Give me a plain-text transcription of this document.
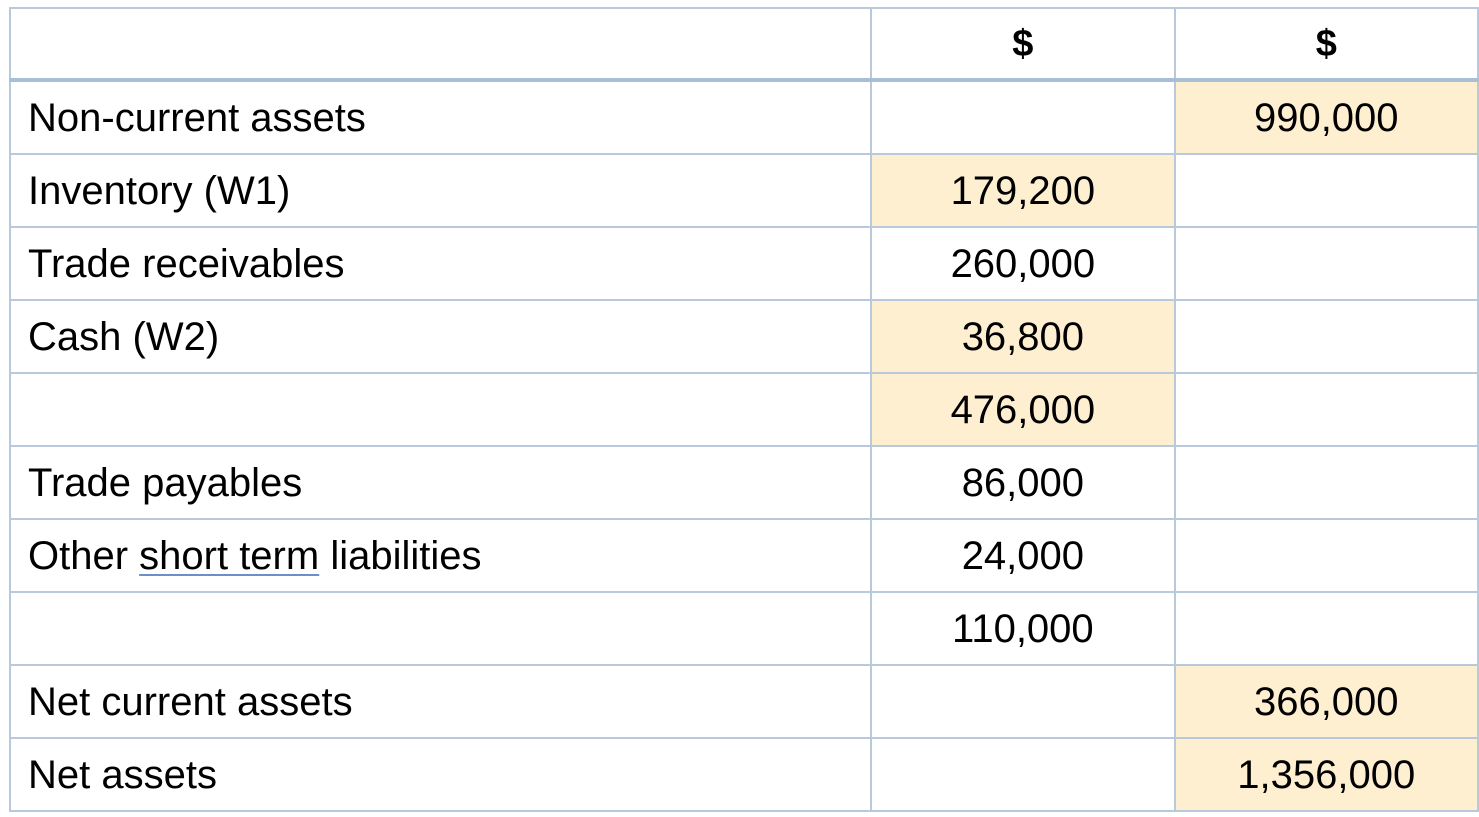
	$	$
Non-current assets		990,000
Inventory (W1)	179,200	
Trade receivables	260,000	
Cash (W2)	36,800	
	476,000	
Trade payables	86,000	
Other short term liabilities	24,000	
	110,000	
Net current assets		366,000
Net assets		1,356,000
